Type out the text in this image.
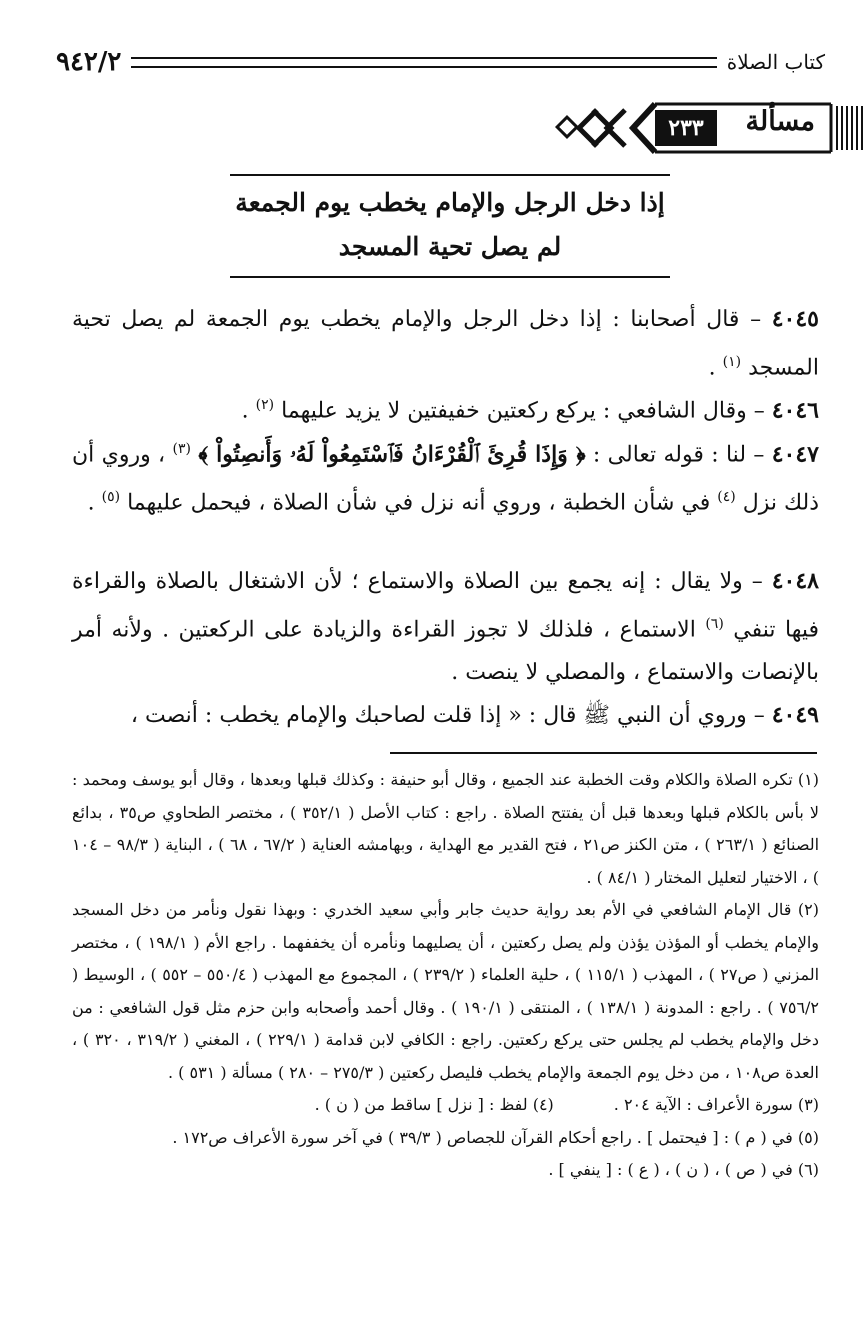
كتاب الصلاة
٩٤٢/٢
مسألة
٢٣٣
إذا دخل الرجل والإمام يخطب يوم الجمعة
لم يصل تحية المسجد
٤٠٤٥ – قال أصحابنا : إذا دخل الرجل والإمام يخطب يوم الجمعة لم يصل تحية المسجد $^{(١)}$ .
٤٠٤٦ – وقال الشافعي : يركع ركعتين خفيفتين لا يزيد عليهما $^{(٢)}$ .
٤٠٤٧ – لنا : قوله تعالى : ﴿ وَإِذَا قُرِئَ ٱلْقُرْءَانُ فَٱسْتَمِعُواْ لَهُۥ وَأَنصِتُواْ ﴾ $^{(٣)}$ ، وروي أن ذلك نزل $^{(٤)}$ في شأن الخطبة ، وروي أنه نزل في شأن الصلاة ، فيحمل عليهما $^{(٥)}$ .
٤٠٤٨ – ولا يقال : إنه يجمع بين الصلاة والاستماع ؛ لأن الاشتغال بالصلاة والقراءة فيها تنفي $^{(٦)}$ الاستماع ، فلذلك لا تجوز القراءة والزيادة على الركعتين . ولأنه أمر بالإنصات والاستماع ، والمصلي لا ينصت .
٤٠٤٩ – وروي أن النبي ﷺ قال : « إذا قلت لصاحبك والإمام يخطب : أنصت ،

(١) تكره الصلاة والكلام وقت الخطبة عند الجميع ، وقال أبو حنيفة : وكذلك قبلها وبعدها ، وقال أبو يوسف ومحمد : لا بأس بالكلام قبلها وبعدها قبل أن يفتتح الصلاة . راجع : كتاب الأصل ( ٣٥٢/١ ) ، مختصر الطحاوي ص٣٥ ، بدائع الصنائع ( ٢٦٣/١ ) ، متن الكنز ص٢١ ، فتح القدير مع الهداية ، وبهامشه العناية ( ٦٧/٢ ، ٦٨ ) ، البناية ( ٩٨/٣ – ١٠٤ ) ، الاختيار لتعليل المختار ( ٨٤/١ ) .

(٢) قال الإمام الشافعي في الأم بعد رواية حديث جابر وأبي سعيد الخدري : وبهذا نقول ونأمر من دخل المسجد والإمام يخطب أو المؤذن يؤذن ولم يصل ركعتين ، أن يصليهما ونأمره أن يخففهما . راجع الأم ( ١٩٨/١ ) ، مختصر المزني ( ص٢٧ ) ، المهذب ( ١١٥/١ ) ، حلية العلماء ( ٢٣٩/٢ ) ، المجموع مع المهذب ( ٥٥٠/٤ – ٥٥٢ ) ، الوسيط ( ٧٥٦/٢ ) . راجع : المدونة ( ١٣٨/١ ) ، المنتقى ( ١٩٠/١ ) . وقال أحمد وأصحابه وابن حزم مثل قول الشافعي : من دخل والإمام يخطب لم يجلس حتى يركع ركعتين. راجع : الكافي لابن قدامة ( ٢٢٩/١ ) ، المغني ( ٣١٩/٢ ، ٣٢٠ ) ، العدة ص١٠٨ ، من دخل يوم الجمعة والإمام يخطب فليصل ركعتين ( ٢٧٥/٣ – ٢٨٠ ) مسألة ( ٥٣١ ) .

(٣) سورة الأعراف : الآية ٢٠٤ .

(٤) لفظ : [ نزل ] ساقط من ( ن ) .

(٥) في ( م ) : [ فيحتمل ] . راجع أحكام القرآن للجصاص ( ٣٩/٣ ) في آخر سورة الأعراف ص١٧٢ .

(٦) في ( ص ) ، ( ن ) ، ( ع ) : [ ينفي ] .
